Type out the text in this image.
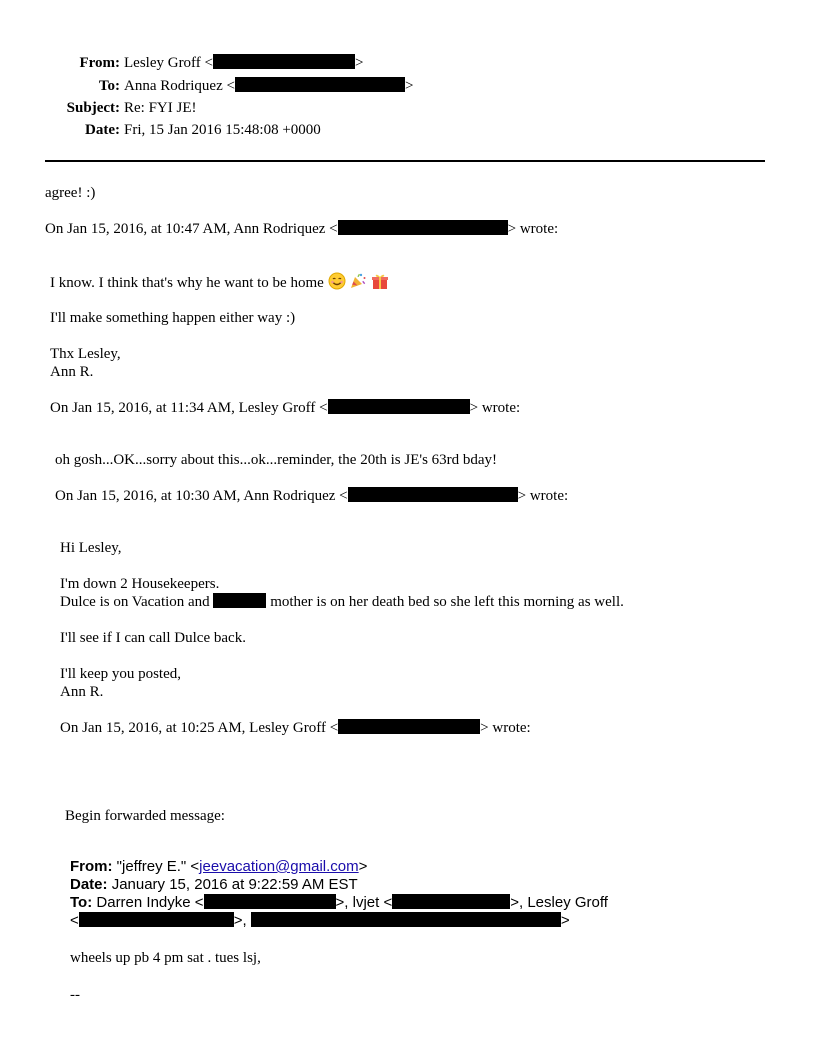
From: Lesley Groff <	>
To: Anna Rodriquez <	>
Subject: Re: FYI JE!
Date: Fri, 15 Jan 2016 15:48:08 +0000
agree! :)
On Jan 15, 2016, at 10:47 AM, Ann Rodriquez <	> wrote:
I know. I think that's why he want to be home
I'll make something happen either way :)
Thx Lesley,
Ann R.
On Jan 15, 2016, at 11:34 AM, Lesley Groff <	> wrote:
oh gosh...OK...sorry about this...ok...reminder, the 20th is JE's 63rd bday!
On Jan 15, 2016, at 10:30 AM, Ann Rodriquez <	> wrote:
Hi Lesley,
I'm down 2 Housekeepers.
Dulce is on Vacation and	mother is on her death bed so she left this morning as well.
I'll see if I can call Dulce back.
I'll keep you posted,
Ann R.
On Jan 15, 2016, at 10:25 AM, Lesley Groff <	> wrote:
Begin forwarded message:
From: "jeffrey E." <jeevacation@gmail.com>
Date: January 15, 2016 at 9:22:59 AM EST
To: Darren Indyke <	>, lvjet <	>, Lesley Groff
<	>,	>
wheels up pb 4 pm sat . tues lsj,
--
